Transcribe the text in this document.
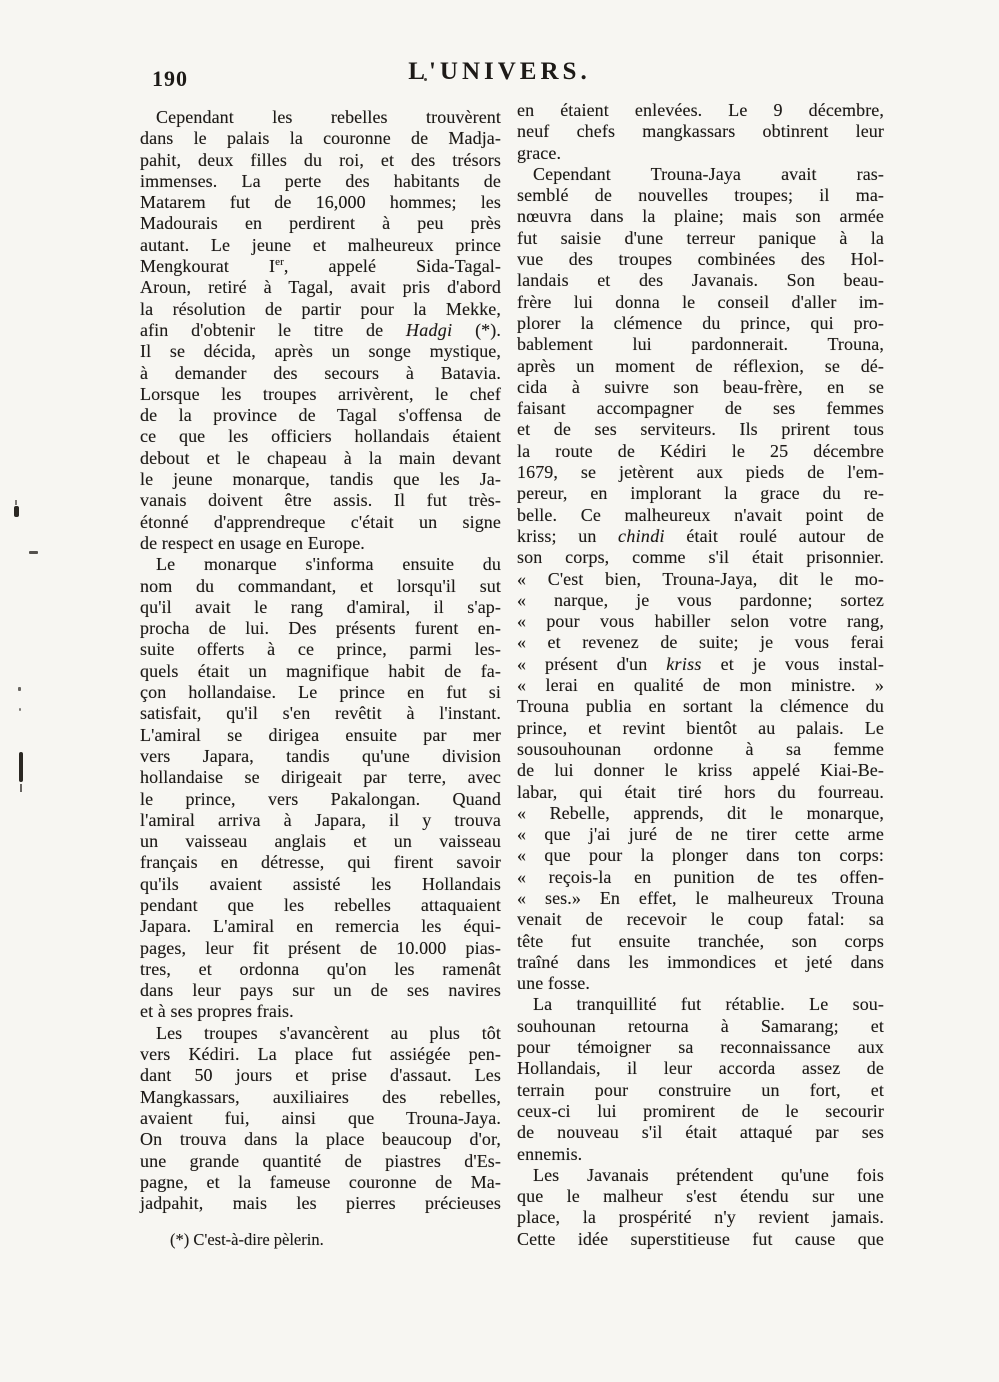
190	L'UNIVERS.
Cependant les rebelles trouvèrent
dans le palais la couronne de Madja-
pahit, deux filles du roi, et des trésors
immenses. La perte des habitants de
Matarem fut de 16,000 hommes; les
Madourais en perdirent à peu près
autant. Le jeune et malheureux prince
Mengkourat Ier, appelé Sida-Tagal-
Aroun, retiré à Tagal, avait pris d'abord
la résolution de partir pour la Mekke,
afin d'obtenir le titre de Hadgi (*).
Il se décida, après un songe mystique,
à demander des secours à Batavia.
Lorsque les troupes arrivèrent, le chef
de la province de Tagal s'offensa de
ce que les officiers hollandais étaient
debout et le chapeau à la main devant
le jeune monarque, tandis que les Ja-
vanais doivent être assis. Il fut très-
étonné d'apprendreque c'était un signe
de respect en usage en Europe.
Le monarque s'informa ensuite du
nom du commandant, et lorsqu'il sut
qu'il avait le rang d'amiral, il s'ap-
procha de lui. Des présents furent en-
suite offerts à ce prince, parmi les-
quels était un magnifique habit de fa-
çon hollandaise. Le prince en fut si
satisfait, qu'il s'en revêtit à l'instant.
L'amiral se dirigea ensuite par mer
vers Japara, tandis qu'une division
hollandaise se dirigeait par terre, avec
le prince, vers Pakalongan. Quand
l'amiral arriva à Japara, il y trouva
un vaisseau anglais et un vaisseau
français en détresse, qui firent savoir
qu'ils avaient assisté les Hollandais
pendant que les rebelles attaquaient
Japara. L'amiral en remercia les équi-
pages, leur fit présent de 10.000 pias-
tres, et ordonna qu'on les ramenât
dans leur pays sur un de ses navires
et à ses propres frais.
Les troupes s'avancèrent au plus tôt
vers Kédiri. La place fut assiégée pen-
dant 50 jours et prise d'assaut. Les
Mangkassars, auxiliaires des rebelles,
avaient fui, ainsi que Trouna-Jaya.
On trouva dans la place beaucoup d'or,
une grande quantité de piastres d'Es-
pagne, et la fameuse couronne de Ma-
jadpahit, mais les pierres précieuses
(*) C'est-à-dire pèlerin.
en étaient enlevées. Le 9 décembre,
neuf chefs mangkassars obtinrent leur
grace.
Cependant Trouna-Jaya avait ras-
semblé de nouvelles troupes; il ma-
nœuvra dans la plaine; mais son armée
fut saisie d'une terreur panique à la
vue des troupes combinées des Hol-
landais et des Javanais. Son beau-
frère lui donna le conseil d'aller im-
plorer la clémence du prince, qui pro-
bablement lui pardonnerait. Trouna,
après un moment de réflexion, se dé-
cida à suivre son beau-frère, en se
faisant accompagner de ses femmes
et de ses serviteurs. Ils prirent tous
la route de Kédiri le 25 décembre
1679, se jetèrent aux pieds de l'em-
pereur, en implorant la grace du re-
belle. Ce malheureux n'avait point de
kriss; un chindi était roulé autour de
son corps, comme s'il était prisonnier.
« C'est bien, Trouna-Jaya, dit le mo-
« narque, je vous pardonne; sortez
« pour vous habiller selon votre rang,
« et revenez de suite; je vous ferai
« présent d'un kriss et je vous instal-
« lerai en qualité de mon ministre. »
Trouna publia en sortant la clémence du
prince, et revint bientôt au palais. Le
sousouhounan ordonne à sa femme
de lui donner le kriss appelé Kiai-Be-
labar, qui était tiré hors du fourreau.
« Rebelle, apprends, dit le monarque,
« que j'ai juré de ne tirer cette arme
« que pour la plonger dans ton corps:
« reçois-la en punition de tes offen-
« ses.» En effet, le malheureux Trouna
venait de recevoir le coup fatal: sa
tête fut ensuite tranchée, son corps
traîné dans les immondices et jeté dans
une fosse.
La tranquillité fut rétablie. Le sou-
souhounan retourna à Samarang; et
pour témoigner sa reconnaissance aux
Hollandais, il leur accorda assez de
terrain pour construire un fort, et
ceux-ci lui promirent de le secourir
de nouveau s'il était attaqué par ses
ennemis.
Les Javanais prétendent qu'une fois
que le malheur s'est étendu sur une
place, la prospérité n'y revient jamais.
Cette idée superstitieuse fut cause que
